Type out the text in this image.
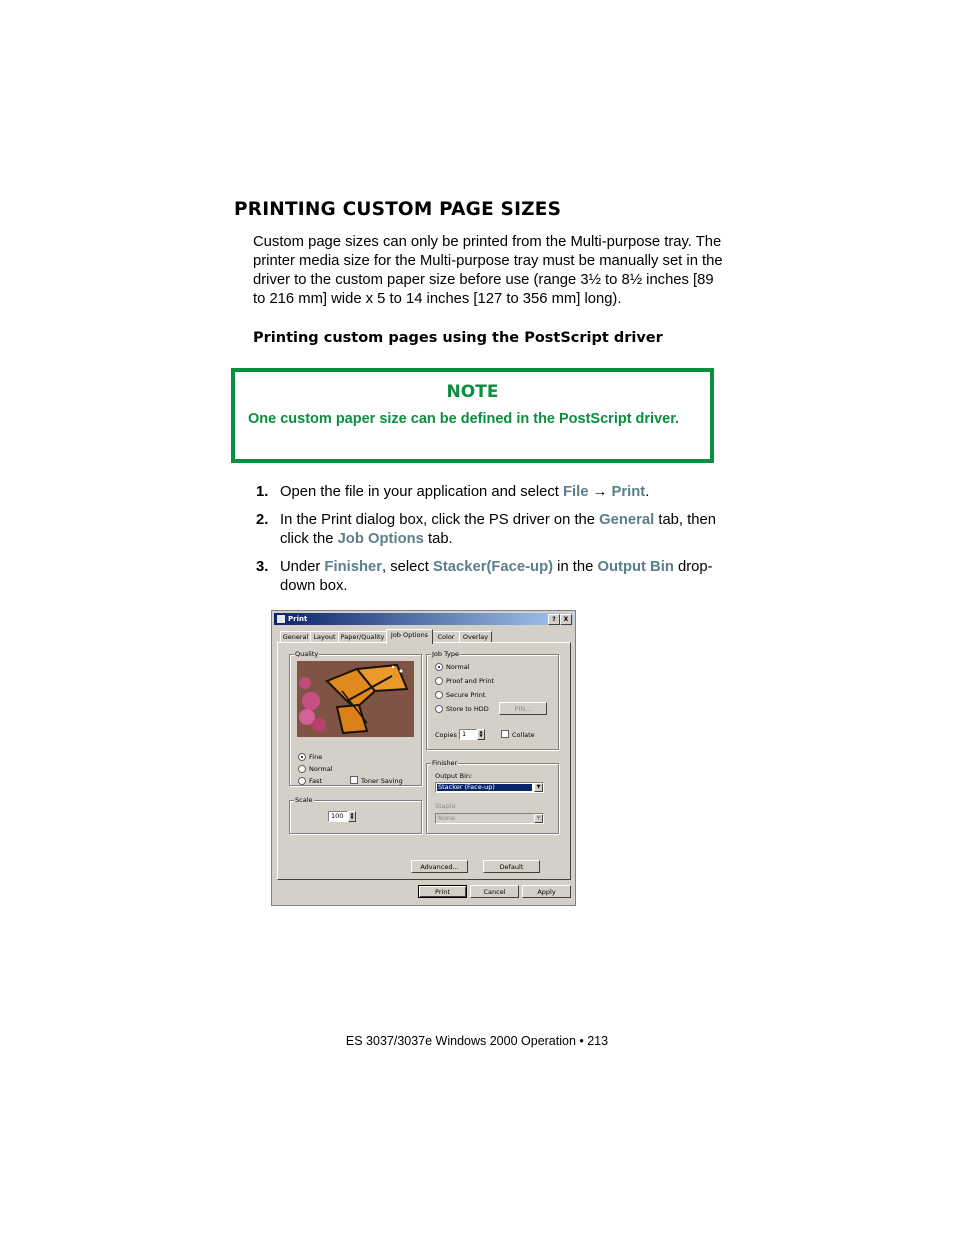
PRINTING CUSTOM PAGE SIZES

Custom page sizes can only be printed from the Multi-purpose tray. The printer media size for the Multi-purpose tray must be manually set in the driver to the custom paper size before use (range 3½ to 8½ inches [89 to 216 mm] wide x 5 to 14 inches [127 to 356 mm] long).

Printing custom pages using the PostScript driver
NOTE
One custom paper size can be defined in the PostScript driver.
1. Open the file in your application and select File → Print.
2. In the Print dialog box, click the PS driver on the General tab, then click the Job Options tab.
3. Under Finisher, select Stacker(Face-up) in the Output Bin drop-down box.
Print	?	X
General Layout Paper/Quality	Job Options	Color	Overlay
Quality
Fine
Normal
Fast	Toner Saving
Scale
100	▲
▼
Job Type
Normal
Proof and Print
Secure Print
Store to HDD	PIN...
Copies 1	▲
▼	Collate
Finisher
Output Bin:
Stacker (Face-up)	▼
Staple
None	▼
Advanced...	Default
Print	Cancel	Apply
ES 3037/3037e Windows 2000 Operation • 213
